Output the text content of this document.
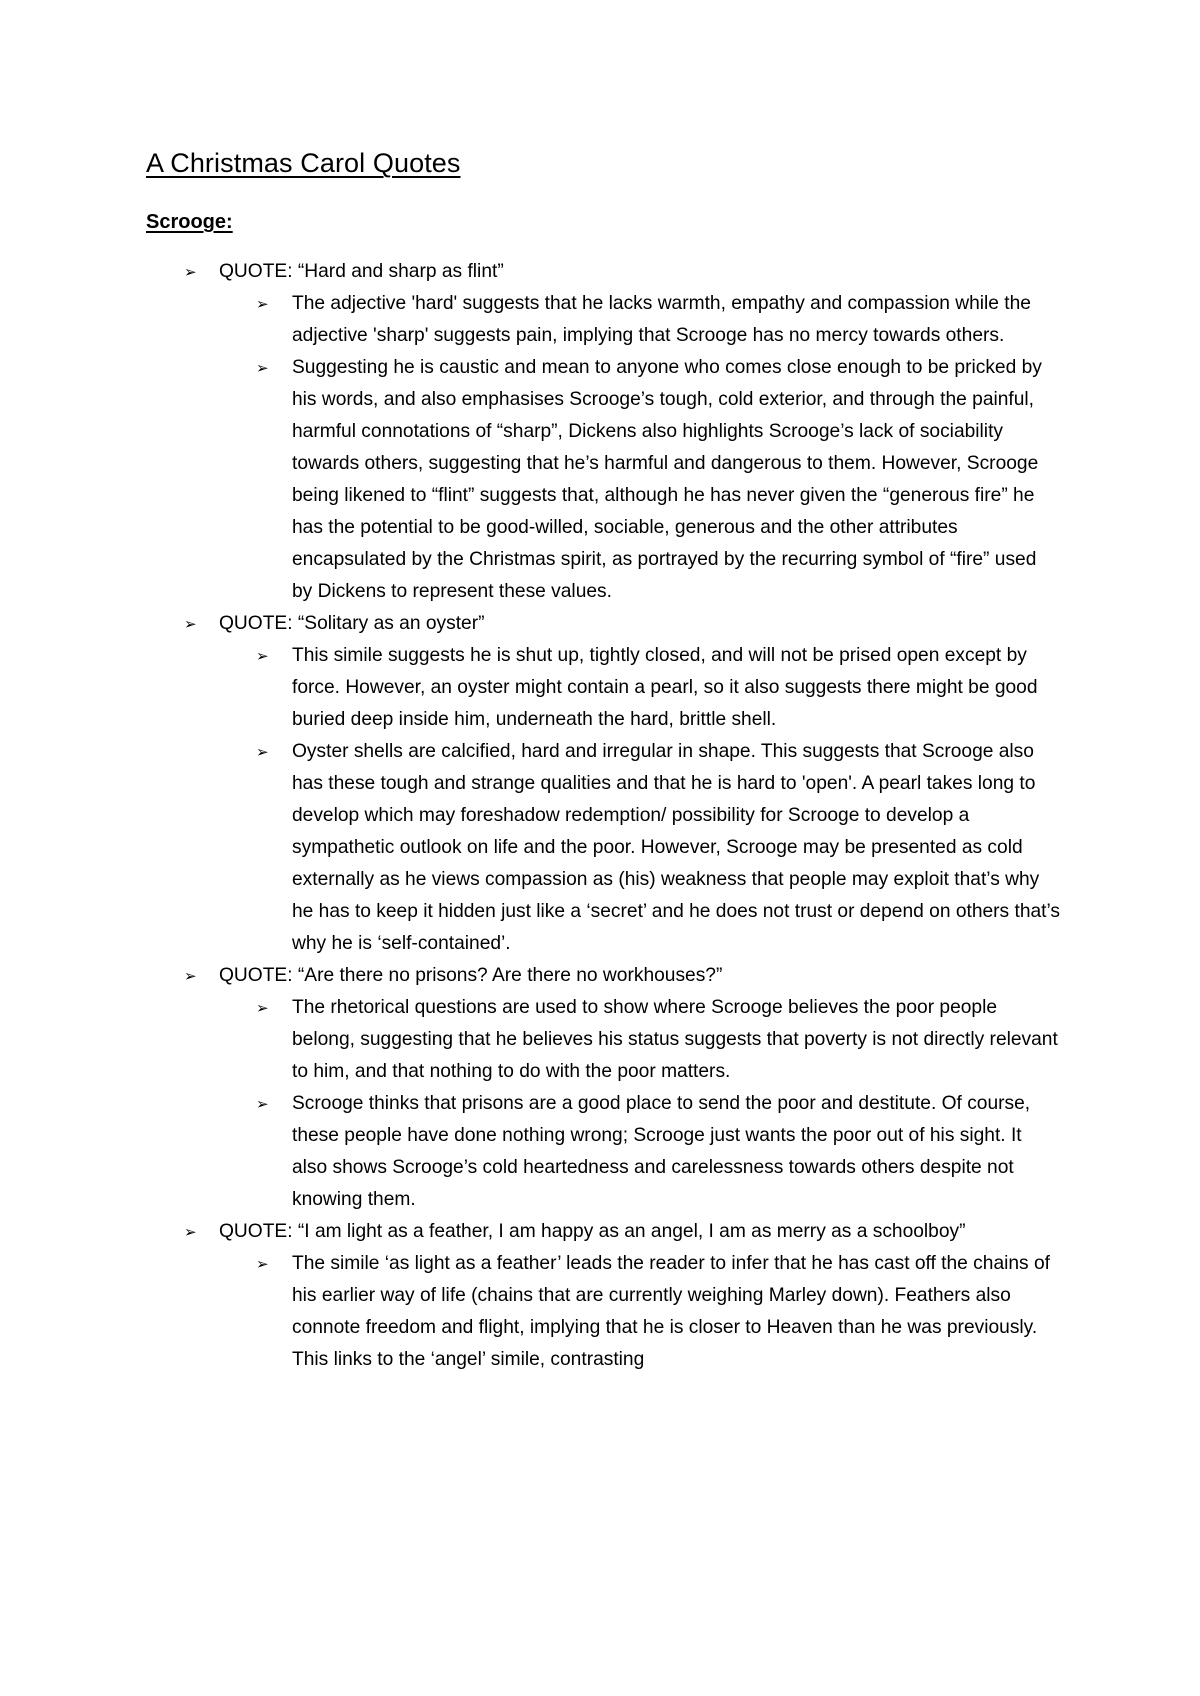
A Christmas Carol Quotes
Scrooge:
➢ QUOTE: “Hard and sharp as flint”
➢ The adjective 'hard' suggests that he lacks warmth, empathy and compassion while the adjective 'sharp' suggests pain, implying that Scrooge has no mercy towards others.
➢ Suggesting he is caustic and mean to anyone who comes close enough to be pricked by his words, and also emphasises Scrooge’s tough, cold exterior, and through the painful, harmful connotations of “sharp”, Dickens also highlights Scrooge’s lack of sociability towards others, suggesting that he’s harmful and dangerous to them. However, Scrooge being likened to “flint” suggests that, although he has never given the “generous fire” he has the potential to be good-willed, sociable, generous and the other attributes encapsulated by the Christmas spirit, as portrayed by the recurring symbol of “fire” used by Dickens to represent these values.
➢ QUOTE: “Solitary as an oyster”
➢ This simile suggests he is shut up, tightly closed, and will not be prised open except by force. However, an oyster might contain a pearl, so it also suggests there might be good buried deep inside him, underneath the hard, brittle shell.
➢ Oyster shells are calcified, hard and irregular in shape. This suggests that Scrooge also has these tough and strange qualities and that he is hard to 'open'. A pearl takes long to develop which may foreshadow redemption/ possibility for Scrooge to develop a sympathetic outlook on life and the poor. However, Scrooge may be presented as cold externally as he views compassion as (his) weakness that people may exploit that’s why he has to keep it hidden just like a ‘secret’ and he does not trust or depend on others that’s why he is ‘self-contained’.
➢ QUOTE: “Are there no prisons? Are there no workhouses?”
➢ The rhetorical questions are used to show where Scrooge believes the poor people belong, suggesting that he believes his status suggests that poverty is not directly relevant to him, and that nothing to do with the poor matters.
➢ Scrooge thinks that prisons are a good place to send the poor and destitute. Of course, these people have done nothing wrong; Scrooge just wants the poor out of his sight. It also shows Scrooge’s cold heartedness and carelessness towards others despite not knowing them.
➢ QUOTE: “I am light as a feather, I am happy as an angel, I am as merry as a schoolboy”
➢ The simile ‘as light as a feather’ leads the reader to infer that he has cast off the chains of his earlier way of life (chains that are currently weighing Marley down). Feathers also connote freedom and flight, implying that he is closer to Heaven than he was previously. This links to the ‘angel’ simile, contrasting
